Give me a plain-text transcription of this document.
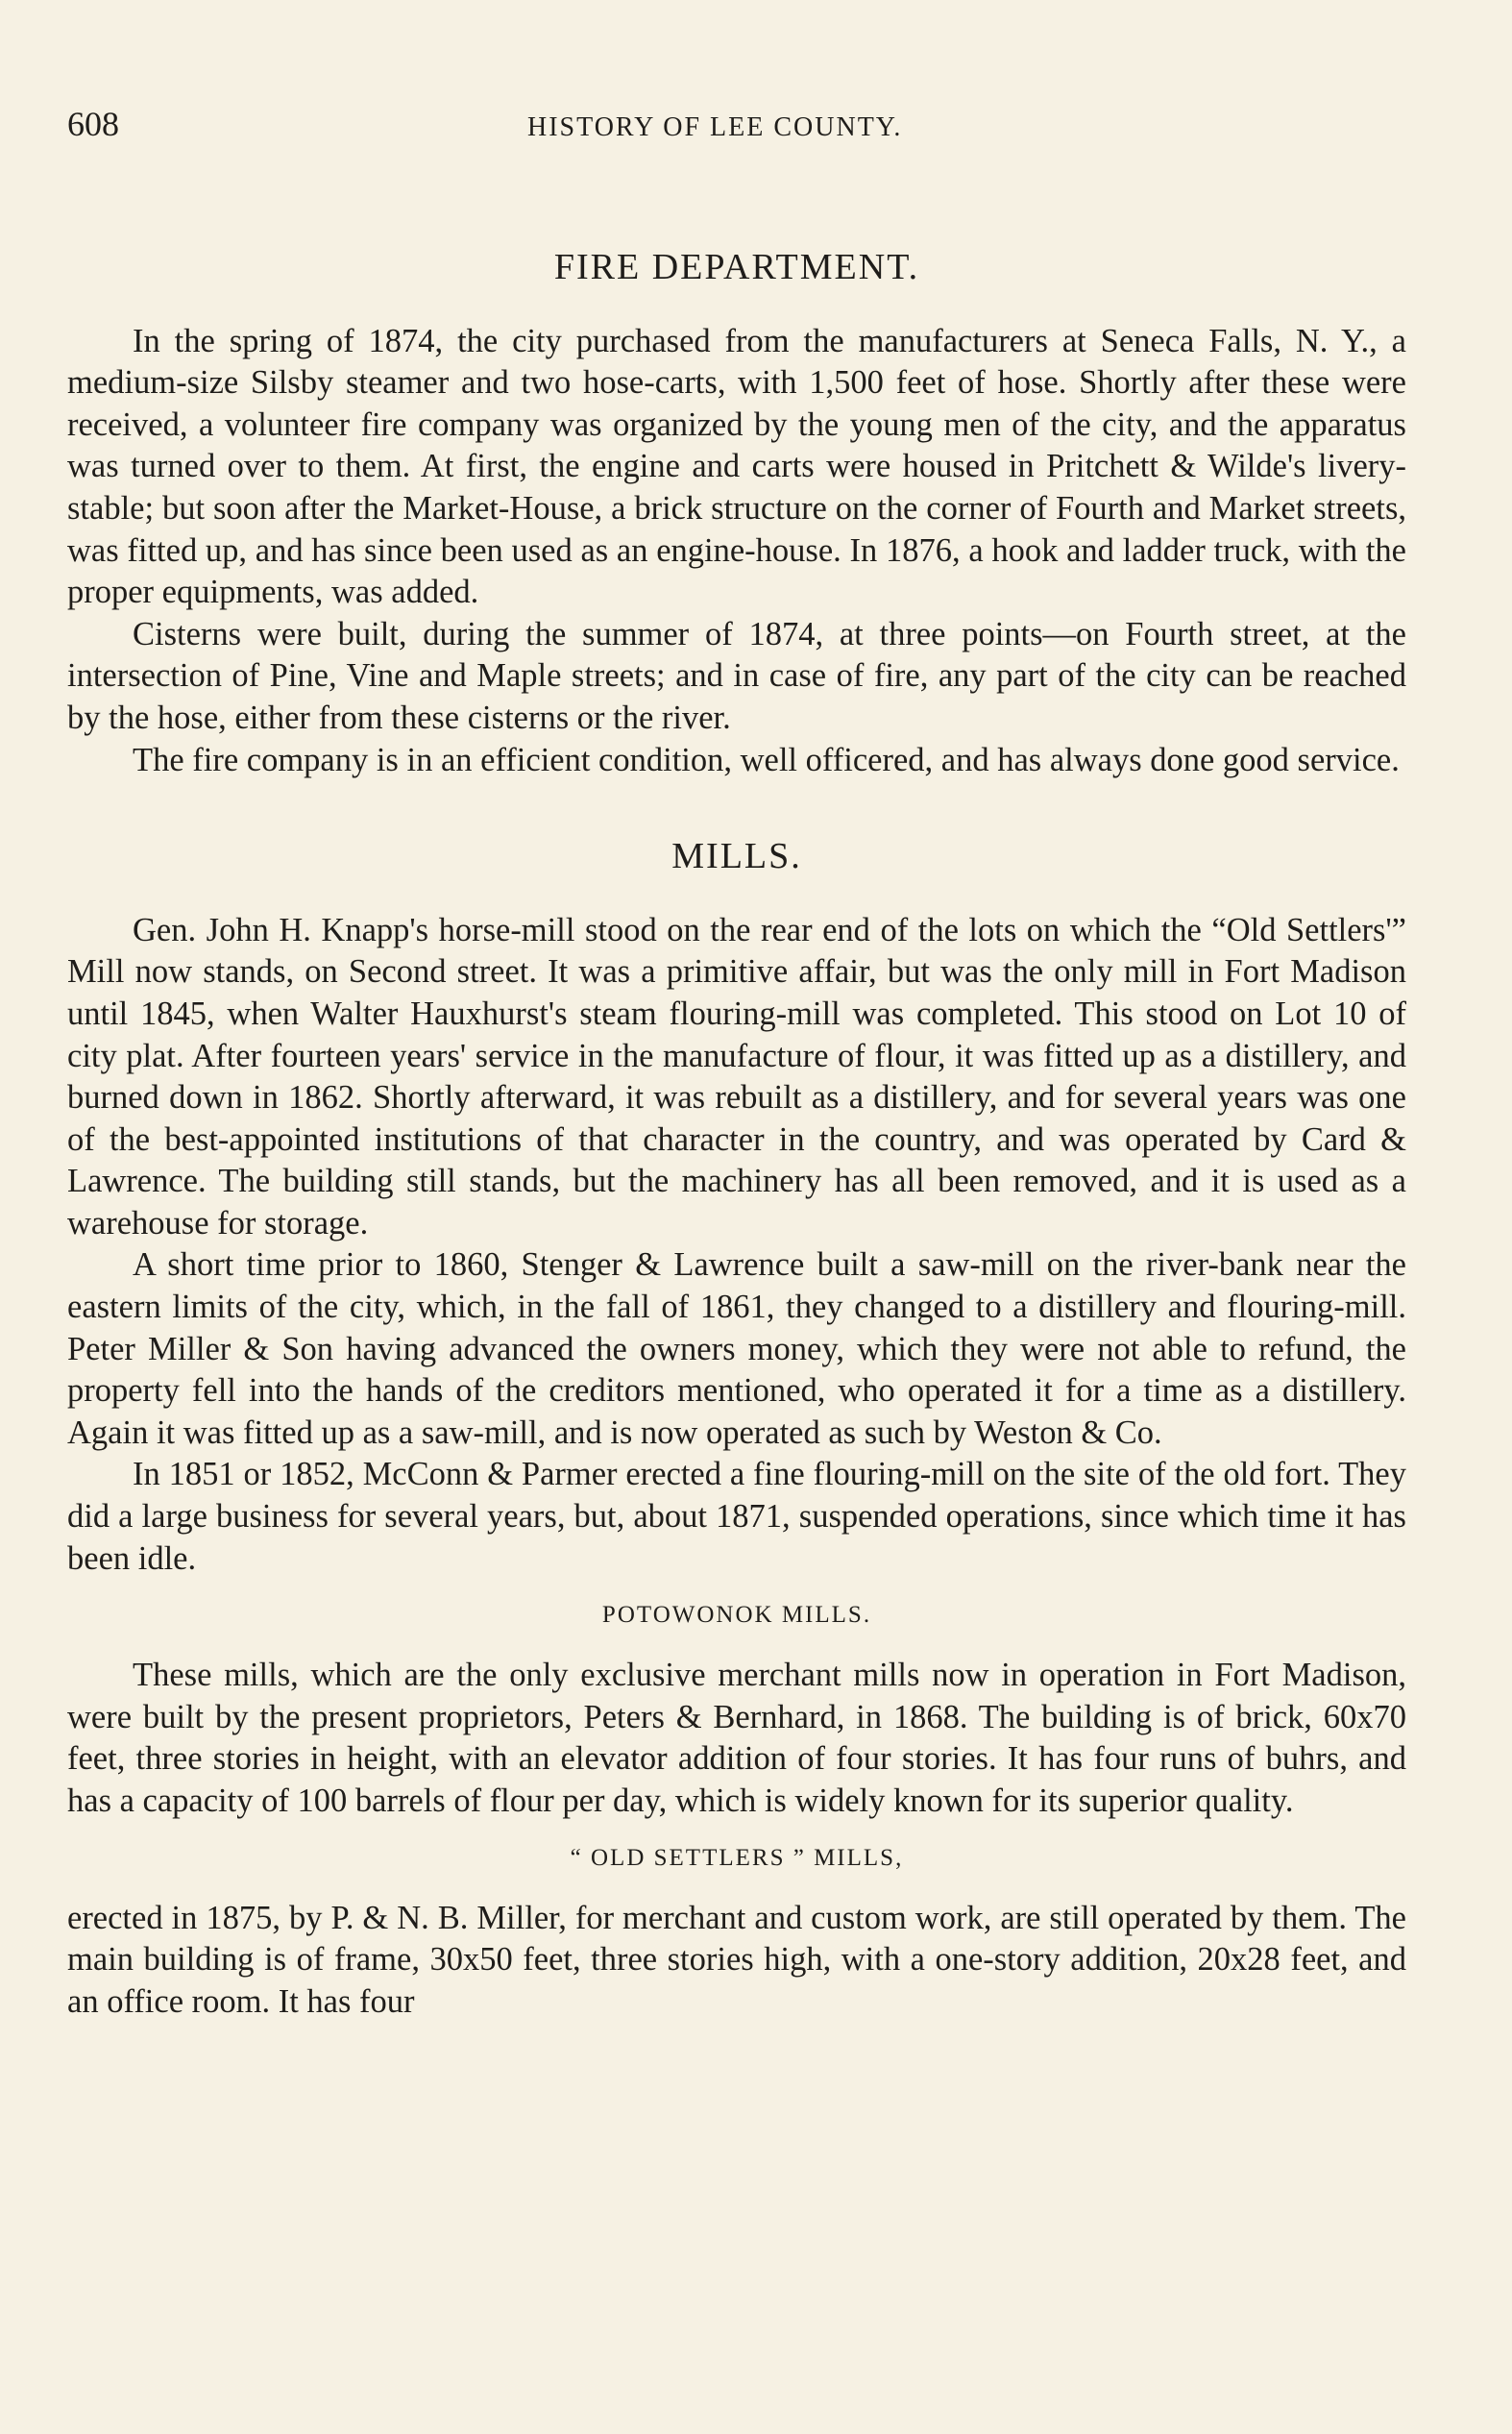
608	HISTORY OF LEE COUNTY.
FIRE DEPARTMENT.

In the spring of 1874, the city purchased from the manufacturers at Seneca Falls, N. Y., a medium-size Silsby steamer and two hose-carts, with 1,500 feet of hose. Shortly after these were received, a volunteer fire company was organized by the young men of the city, and the apparatus was turned over to them. At first, the engine and carts were housed in Pritchett & Wilde's livery-stable; but soon after the Market-House, a brick structure on the corner of Fourth and Market streets, was fitted up, and has since been used as an engine-house. In 1876, a hook and ladder truck, with the proper equipments, was added.

Cisterns were built, during the summer of 1874, at three points—on Fourth street, at the intersection of Pine, Vine and Maple streets; and in case of fire, any part of the city can be reached by the hose, either from these cisterns or the river.

The fire company is in an efficient condition, well officered, and has always done good service.

MILLS.

Gen. John H. Knapp's horse-mill stood on the rear end of the lots on which the “Old Settlers'” Mill now stands, on Second street. It was a primitive affair, but was the only mill in Fort Madison until 1845, when Walter Hauxhurst's steam flouring-mill was completed. This stood on Lot 10 of city plat. After fourteen years' service in the manufacture of flour, it was fitted up as a distillery, and burned down in 1862. Shortly afterward, it was rebuilt as a distillery, and for several years was one of the best-appointed institutions of that character in the country, and was operated by Card & Lawrence. The building still stands, but the machinery has all been removed, and it is used as a warehouse for storage.

A short time prior to 1860, Stenger & Lawrence built a saw-mill on the river-bank near the eastern limits of the city, which, in the fall of 1861, they changed to a distillery and flouring-mill. Peter Miller & Son having advanced the owners money, which they were not able to refund, the property fell into the hands of the creditors mentioned, who operated it for a time as a distillery. Again it was fitted up as a saw-mill, and is now operated as such by Weston & Co.

In 1851 or 1852, McConn & Parmer erected a fine flouring-mill on the site of the old fort. They did a large business for several years, but, about 1871, suspended operations, since which time it has been idle.

POTOWONOK MILLS.

These mills, which are the only exclusive merchant mills now in operation in Fort Madison, were built by the present proprietors, Peters & Bernhard, in 1868. The building is of brick, 60x70 feet, three stories in height, with an elevator addition of four stories. It has four runs of buhrs, and has a capacity of 100 barrels of flour per day, which is widely known for its superior quality.

“ OLD SETTLERS ” MILLS,

erected in 1875, by P. & N. B. Miller, for merchant and custom work, are still operated by them. The main building is of frame, 30x50 feet, three stories high, with a one-story addition, 20x28 feet, and an office room. It has four
